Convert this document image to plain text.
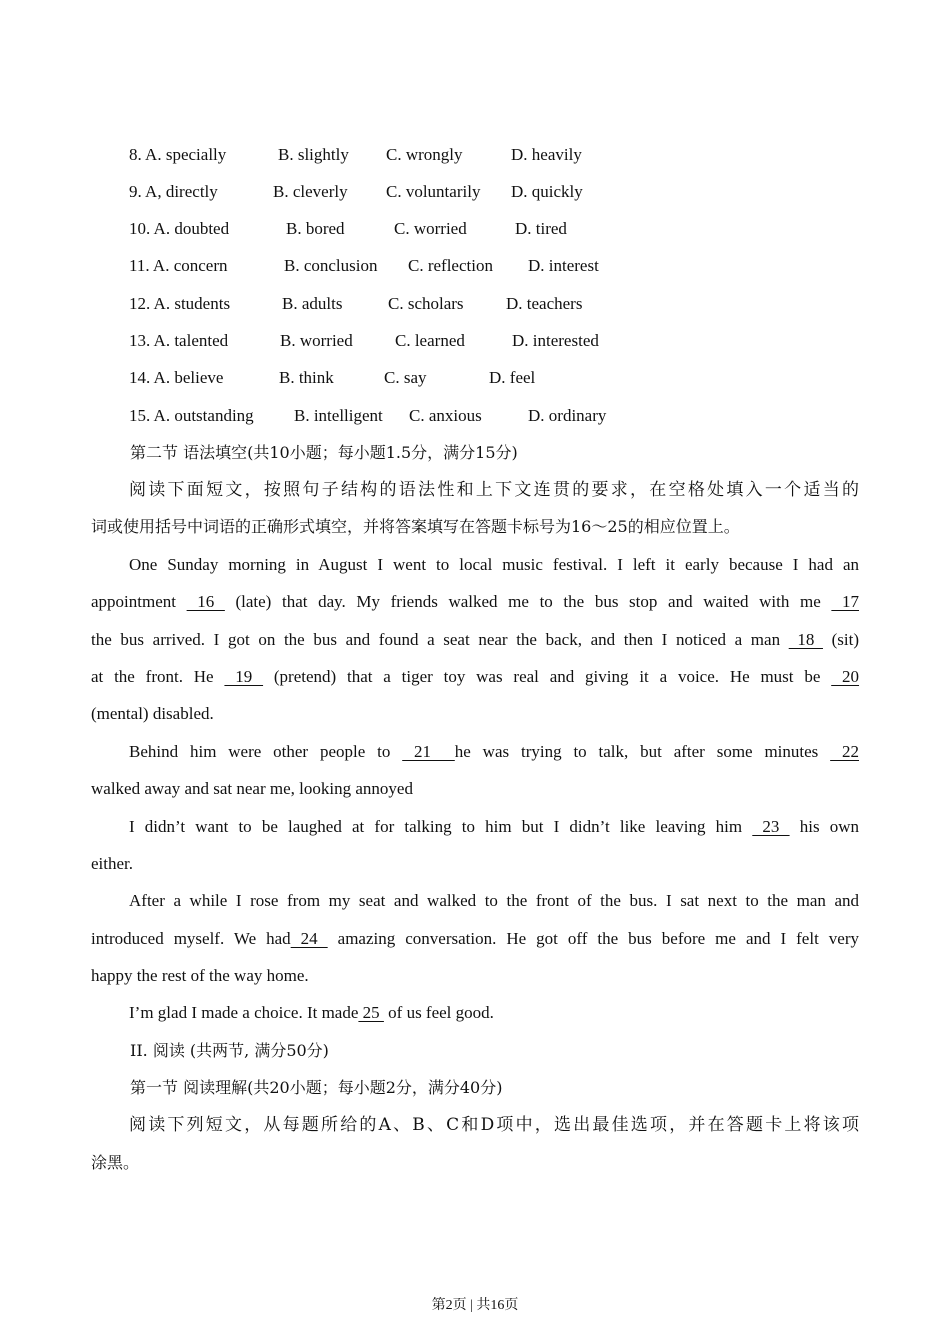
8. A. specially	B. slightly C. wrongly	D. heavily
9. A, directly	B. cleverly C. voluntarily D. quickly
10. A. doubted	B. bored	C. worried	D. tired
11. A. concern	B. conclusion C. reflection D. interest
12. A. students	B. adults	C. scholars D. teachers
13. A. talented	B. worried C. learned	D. interested
14. A. believe	B. think	C. say	D. feel
15. A. outstanding B. intelligent C. anxious	D. ordinary
第二节 语法填空(共10小题；每小题1.5分，满分15分)
阅读下面短文，按照句子结构的语法性和上下文连贯的要求，在空格处填入一个适当的
词或使用括号中词语的正确形式填空，并将答案填写在答题卡标号为16～25的相应位置上。
One Sunday morning in August I went to local music festival. I left it early because I had an
appointment  16  (late) that day. My friends walked me to the bus stop and waited with me  17
the bus arrived. I got on the bus and found a seat near the back, and then I noticed a man  18  (sit)
at the front. He  19  (pretend) that a tiger toy was real and giving it a voice. He must be  20
(mental) disabled.
Behind him were other people to  21  he was trying to talk, but after some minutes  22
walked away and sat near me, looking annoyed
I didn’t want to be laughed at for talking to him but I didn’t like leaving him  23  his own
either.
After a while I rose from my seat and walked to the front of the bus. I sat next to the man and
introduced myself. We had 24  amazing conversation. He got off the bus before me and I felt very
happy the rest of the way home.
I’m glad I made a choice. It made 25  of us feel good.
II. 阅读 (共两节, 满分50分)
第一节 阅读理解(共20小题；每小题2分，满分40分)
阅读下列短文，从每题所给的A、B、C和D项中，选出最佳选项，并在答题卡上将该项
涂黑。
第2页 | 共16页
